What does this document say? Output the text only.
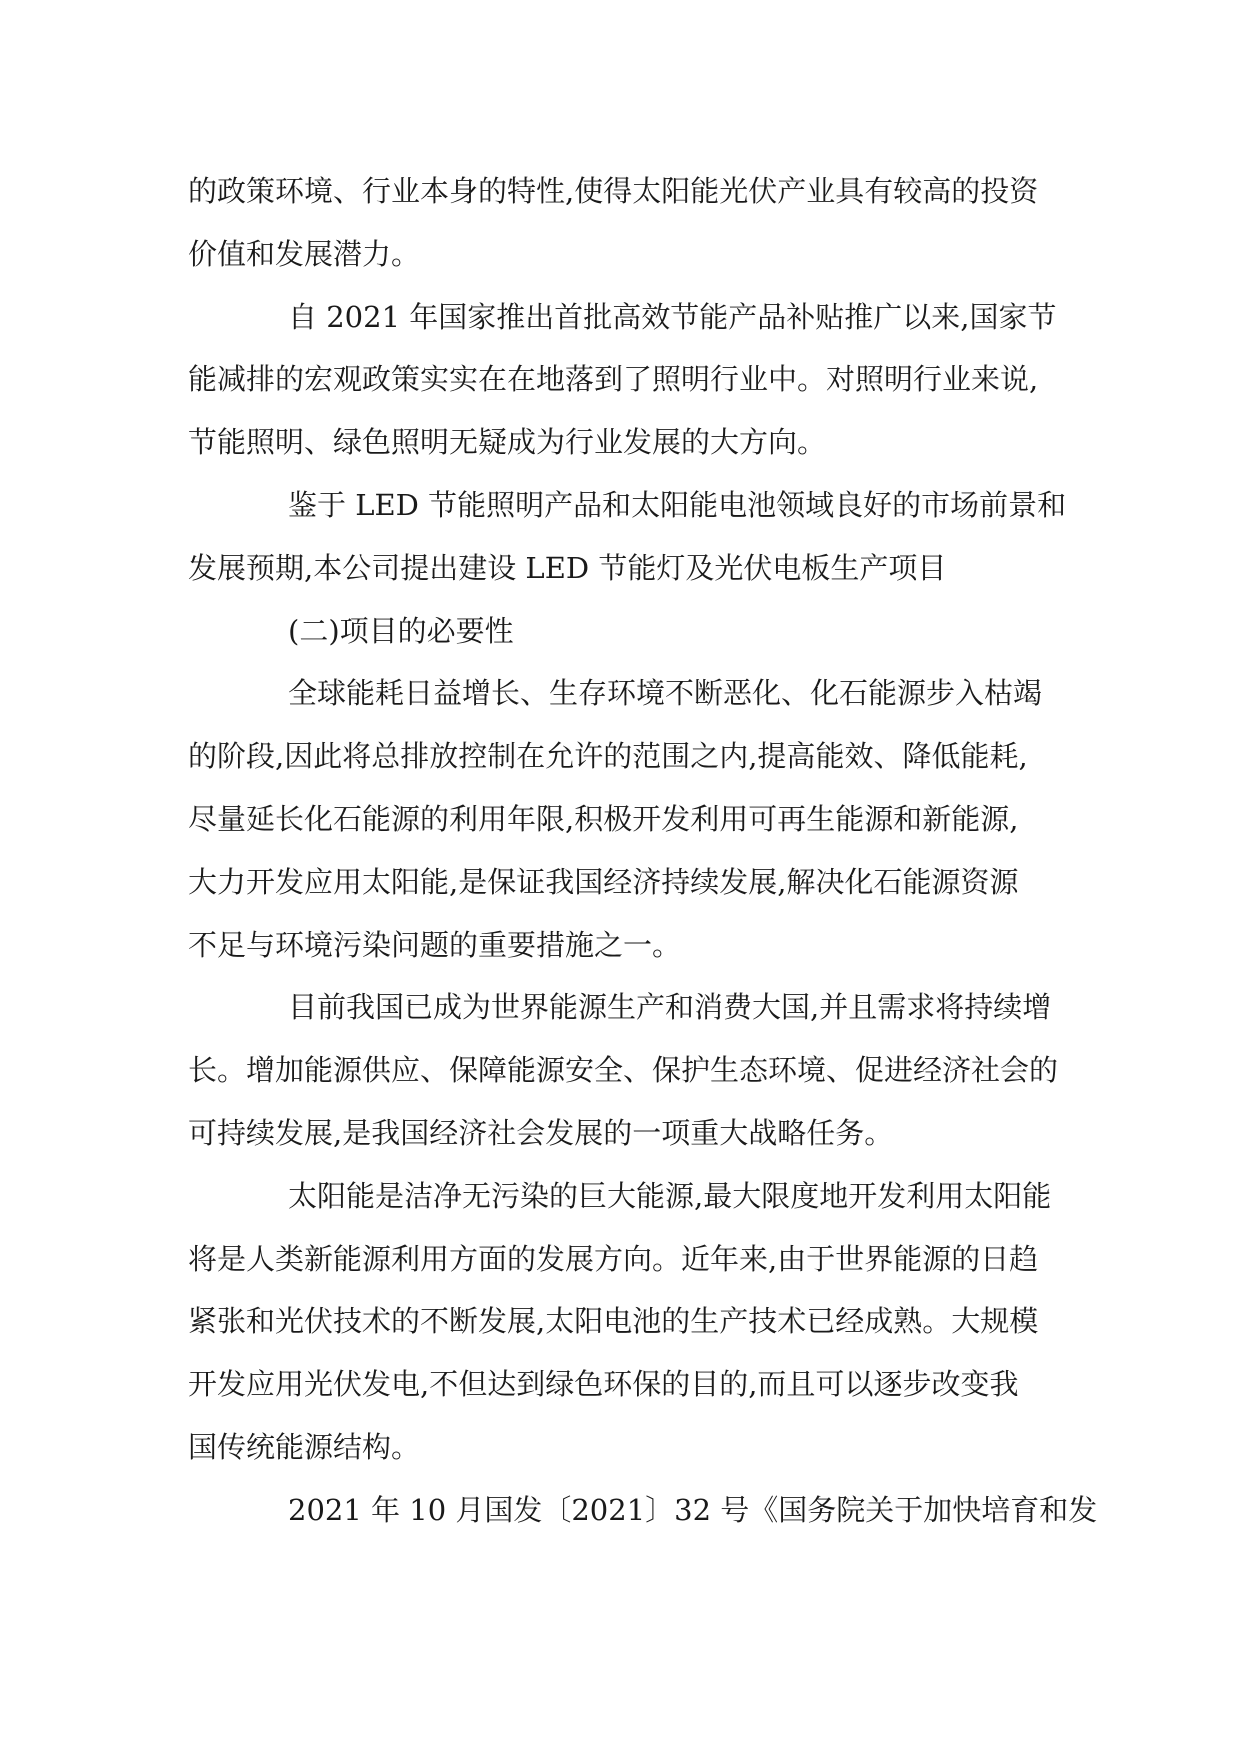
的政策环境、行业本身的特性,使得太阳能光伏产业具有较高的投资
价值和发展潜力。
自 2021 年国家推出首批高效节能产品补贴推广以来,国家节
能减排的宏观政策实实在在地落到了照明行业中。对照明行业来说,
节能照明、绿色照明无疑成为行业发展的大方向。
鉴于 LED 节能照明产品和太阳能电池领域良好的市场前景和
发展预期,本公司提出建设 LED 节能灯及光伏电板生产项目
(二)项目的必要性
全球能耗日益增长、生存环境不断恶化、化石能源步入枯竭
的阶段,因此将总排放控制在允许的范围之内,提高能效、降低能耗,
尽量延长化石能源的利用年限,积极开发利用可再生能源和新能源,
大力开发应用太阳能,是保证我国经济持续发展,解决化石能源资源
不足与环境污染问题的重要措施之一。
目前我国已成为世界能源生产和消费大国,并且需求将持续增
长。增加能源供应、保障能源安全、保护生态环境、促进经济社会的
可持续发展,是我国经济社会发展的一项重大战略任务。
太阳能是洁净无污染的巨大能源,最大限度地开发利用太阳能
将是人类新能源利用方面的发展方向。近年来,由于世界能源的日趋
紧张和光伏技术的不断发展,太阳电池的生产技术已经成熟。大规模
开发应用光伏发电,不但达到绿色环保的目的,而且可以逐步改变我
国传统能源结构。
2021 年 10 月国发〔2021〕32 号《国务院关于加快培育和发
